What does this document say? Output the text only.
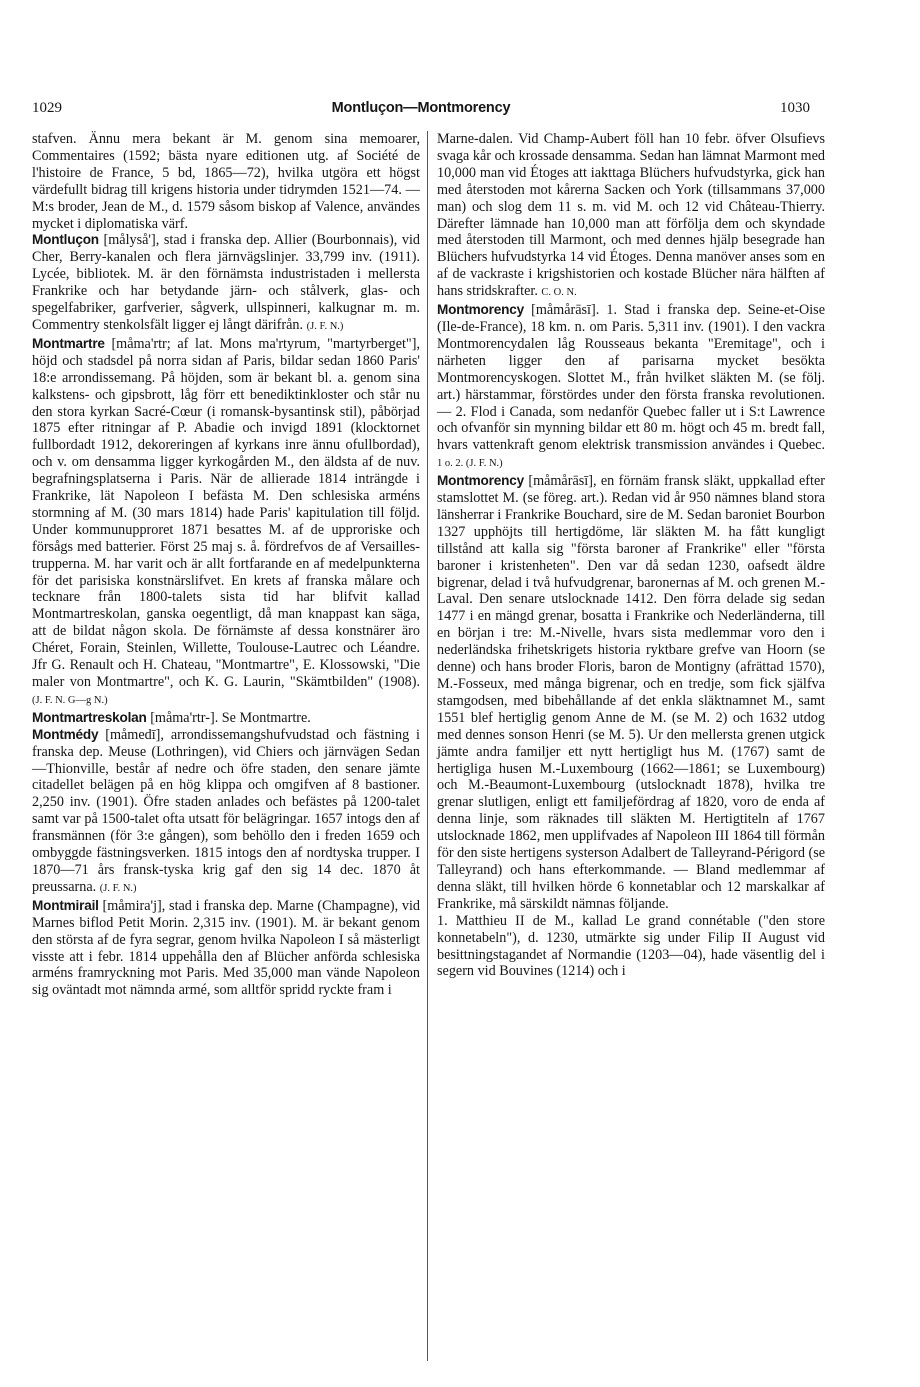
1029	Montluçon—Montmorency	1030

stafven. Ännu mera bekant är M. genom sina memoarer, Commentaires (1592; bästa nyare editionen utg. af Société de l'histoire de France, 5 bd, 1865—72), hvilka utgöra ett högst värdefullt bidrag till krigens historia under tidrymden 1521—74. — M:s broder, Jean de M., d. 1579 såsom biskop af Valence, användes mycket i diplomatiska värf.

Montluçon [målyså'], stad i franska dep. Allier (Bourbonnais), vid Cher, Berry-kanalen och flera järnvägslinjer. 33,799 inv. (1911). Lycée, bibliotek. M. är den förnämsta industristaden i mellersta Frankrike och har betydande järn- och stålverk, glas- och spegelfabriker, garfverier, sågverk, ullspinneri, kalkugnar m. m. Commentry stenkolsfält ligger ej långt därifrån. (J. F. N.)

Montmartre [måma'rtr; af lat. Mons ma'rtyrum, "martyrberget"], höjd och stadsdel på norra sidan af Paris, bildar sedan 1860 Paris' 18:e arrondissemang. På höjden, som är bekant bl. a. genom sina kalkstens- och gipsbrott, låg förr ett benediktinkloster och står nu den stora kyrkan Sacré-Cœur (i romansk-bysantinsk stil), påbörjad 1875 efter ritningar af P. Abadie och invigd 1891 (klocktornet fullbordadt 1912, dekoreringen af kyrkans inre ännu ofullbordad), och v. om densamma ligger kyrkogården M., den äldsta af de nuv. begrafningsplatserna i Paris. När de allierade 1814 inträngde i Frankrike, lät Napoleon I befästa M. Den schlesiska arméns stormning af M. (30 mars 1814) hade Paris' kapitulation till följd. Under kommunupproret 1871 besattes M. af de upproriske och försågs med batterier. Först 25 maj s. å. fördrefvos de af Versailles-trupperna. M. har varit och är allt fortfarande en af medelpunkterna för det parisiska konstnärslifvet. En krets af franska målare och tecknare från 1800-talets sista tid har blifvit kallad Montmartreskolan, ganska oegentligt, då man knappast kan säga, att de bildat någon skola. De förnämste af dessa konstnärer äro Chéret, Forain, Steinlen, Willette, Toulouse-Lautrec och Léandre. Jfr G. Renault och H. Chateau, "Montmartre", E. Klossowski, "Die maler von Montmartre", och K. G. Laurin, "Skämtbilden" (1908). (J. F. N. G—g N.)

Montmartreskolan [måma'rtr-]. Se Montmartre.

Montmédy [måmedī], arrondissemangshufvudstad och fästning i franska dep. Meuse (Lothringen), vid Chiers och järnvägen Sedan—Thionville, består af nedre och öfre staden, den senare jämte citadellet belägen på en hög klippa och omgifven af 8 bastioner. 2,250 inv. (1901). Öfre staden anlades och befästes på 1200-talet samt var på 1500-talet ofta utsatt för belägringar. 1657 intogs den af fransmännen (för 3:e gången), som behöllo den i freden 1659 och ombyggde fästningsverken. 1815 intogs den af nordtyska trupper. I 1870—71 års fransk-tyska krig gaf den sig 14 dec. 1870 åt preussarna. (J. F. N.)

Montmirail [måmira'j], stad i franska dep. Marne (Champagne), vid Marnes biflod Petit Morin. 2,315 inv. (1901). M. är bekant genom den största af de fyra segrar, genom hvilka Napoleon I så mästerligt visste att i febr. 1814 uppehålla den af Blücher anförda schlesiska arméns framryckning mot Paris. Med 35,000 man vände Napoleon sig oväntadt mot nämnda armé, som alltför spridd ryckte fram i

Marne-dalen. Vid Champ-Aubert föll han 10 febr. öfver Olsufievs svaga kår och krossade densamma. Sedan han lämnat Marmont med 10,000 man vid Étoges att iakttaga Blüchers hufvudstyrka, gick han med återstoden mot kårerna Sacken och York (tillsammans 37,000 man) och slog dem 11 s. m. vid M. och 12 vid Château-Thierry. Därefter lämnade han 10,000 man att förfölja dem och skyndade med återstoden till Marmont, och med dennes hjälp besegrade han Blüchers hufvudstyrka 14 vid Étoges. Denna manöver anses som en af de vackraste i krigshistorien och kostade Blücher nära hälften af hans stridskrafter. C. O. N.

Montmorency [måmårāsī]. 1. Stad i franska dep. Seine-et-Oise (Ile-de-France), 18 km. n. om Paris. 5,311 inv. (1901). I den vackra Montmorencydalen låg Rousseaus bekanta "Eremitage", och i närheten ligger den af parisarna mycket besökta Montmorencyskogen. Slottet M., från hvilket släkten M. (se följ. art.) härstammar, förstördes under den första franska revolutionen. — 2. Flod i Canada, som nedanför Quebec faller ut i S:t Lawrence och ofvanför sin mynning bildar ett 80 m. högt och 45 m. bredt fall, hvars vattenkraft genom elektrisk transmission användes i Quebec. 1 o. 2. (J. F. N.)

Montmorency [måmårāsī], en förnäm fransk släkt, uppkallad efter stamslottet M. (se föreg. art.). Redan vid år 950 nämnes bland stora länsherrar i Frankrike Bouchard, sire de M. Sedan baroniet Bourbon 1327 upphöjts till hertigdöme, lär släkten M. ha fått kungligt tillstånd att kalla sig "första baroner af Frankrike" eller "första baroner i kristenheten". Den var då sedan 1230, oafsedt äldre bigrenar, delad i två hufvudgrenar, baronernas af M. och grenen M.-Laval. Den senare utslocknade 1412. Den förra delade sig sedan 1477 i en mängd grenar, bosatta i Frankrike och Nederländerna, till en början i tre: M.-Nivelle, hvars sista medlemmar voro den i nederländska frihetskrigets historia ryktbare grefve van Hoorn (se denne) och hans broder Floris, baron de Montigny (afrättad 1570), M.-Fosseux, med många bigrenar, och en tredje, som fick själfva stamgodsen, med bibehållande af det enkla släktnamnet M., samt 1551 blef hertiglig genom Anne de M. (se M. 2) och 1632 utdog med dennes sonson Henri (se M. 5). Ur den mellersta grenen utgick jämte andra familjer ett nytt hertigligt hus M. (1767) samt de hertigliga husen M.-Luxembourg (1662—1861; se Luxembourg) och M.-Beaumont-Luxembourg (utslocknadt 1878), hvilka tre grenar slutligen, enligt ett familjefördrag af 1820, voro de enda af denna linje, som räknades till släkten M. Hertigtiteln af 1767 utslocknade 1862, men upplifvades af Napoleon III 1864 till förmån för den siste hertigens systerson Adalbert de Talleyrand-Périgord (se Talleyrand) och hans efterkommande. — Bland medlemmar af denna släkt, till hvilken hörde 6 konnetablar och 12 marskalkar af Frankrike, må särskildt nämnas följande.

1. Matthieu II de M., kallad Le grand connétable ("den store konnetabeln"), d. 1230, utmärkte sig under Filip II August vid besittningstagandet af Normandie (1203—04), hade väsentlig del i segern vid Bouvines (1214) och i
